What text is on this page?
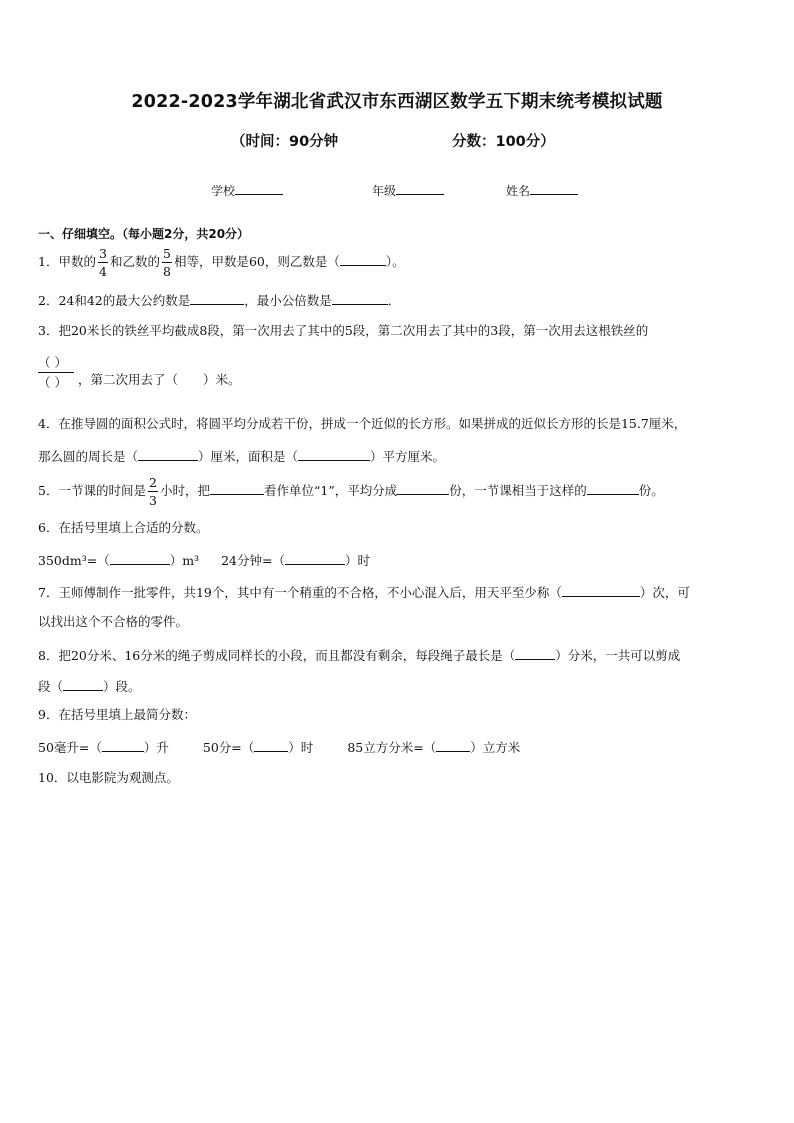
2022-2023学年湖北省武汉市东西湖区数学五下期末统考模拟试题
（时间：90分钟	分数：100分）
学校	年级	姓名
一、仔细填空。（每小题2分，共20分）
1．甲数的 $\frac{3}{4}$ 和乙数的 $\frac{5}{8}$ 相等，甲数是60，则乙数是（	）。
2．24和42的最大公约数是	，最小公倍数是	．
3．把20米长的铁丝平均截成8段，第一次用去了其中的5段，第二次用去了其中的3段，第一次用去这根铁丝的
（ ）
（ ） ，第二次用去了（　　）米。
4．在推导圆的面积公式时，将圆平均分成若干份，拼成一个近似的长方形。如果拼成的近似长方形的长是15.7厘米，
那么圆的周长是（	）厘米，面积是（	）平方厘米。
5．一节课的时间是 $\frac{2}{3}$ 小时，把	看作单位“1”，平均分成	份，一节课相当于这样的	份。
6．在括号里填上合适的分数。
350dm³=（	）m³ 24分钟=（	）时
7．王师傅制作一批零件，共19个，其中有一个稍重的不合格，不小心混入后，用天平至少称（	）次，可
以找出这个不合格的零件。
8．把20分米、16分米的绳子剪成同样长的小段，而且都没有剩余，每段绳子最长是（	）分米，一共可以剪成
段（	）段。
9．在括号里填上最简分数：
50毫升=（	）升	50分=（	）时	85立方分米=（	）立方米
10．以电影院为观测点。
